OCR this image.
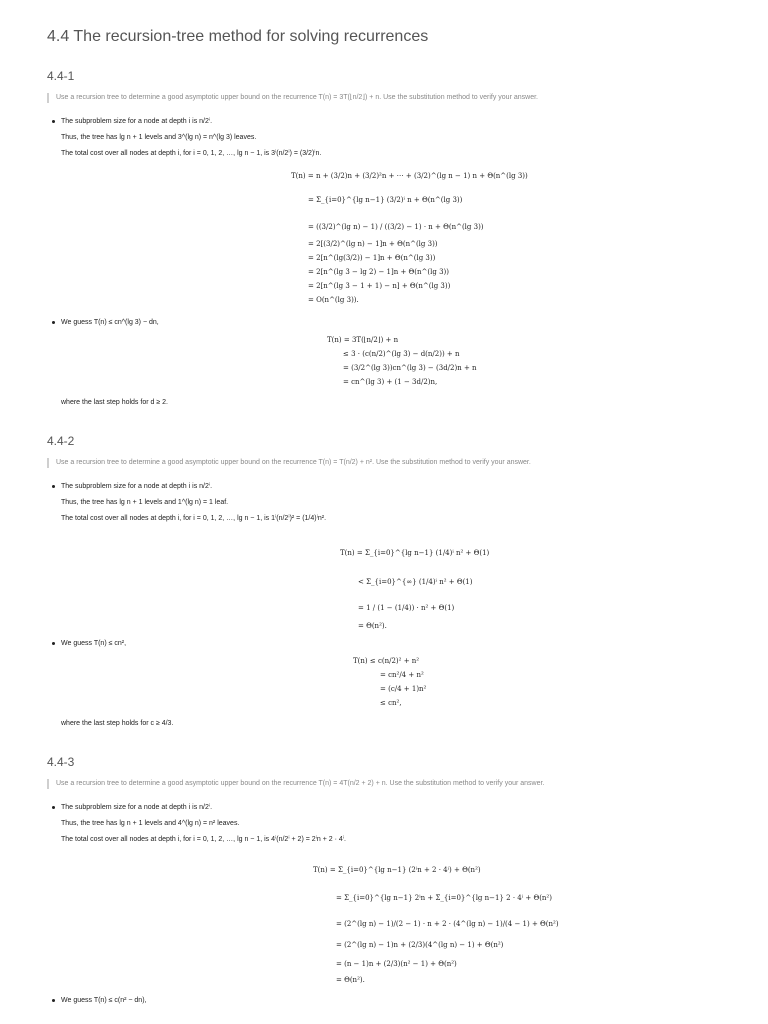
4.4 The recursion-tree method for solving recurrences
4.4-1
Use a recursion tree to determine a good asymptotic upper bound on the recurrence T(n) = 3T(⌊n/2⌋) + n. Use the substitution method to verify your answer.
The subproblem size for a node at depth i is n/2ⁱ.
Thus, the tree has lg n + 1 levels and 3^(lg n) = n^(lg 3) leaves.
The total cost over all nodes at depth i, for i = 0, 1, 2, …, lg n − 1, is 3ⁱ(n/2ⁱ) = (3/2)ⁱn.
T(n) = n + (3/2)n + (3/2)²n + ⋯ + (3/2)^(lg n − 1) n + Θ(n^(lg 3))
= Σ_{i=0}^{lg n−1} (3/2)ⁱ n + Θ(n^(lg 3))
= ((3/2)^(lg n) − 1) / ((3/2) − 1) · n + Θ(n^(lg 3))
= 2[(3/2)^(lg n) − 1]n + Θ(n^(lg 3))
= 2[n^(lg(3/2)) − 1]n + Θ(n^(lg 3))
= 2[n^(lg 3 − lg 2) − 1]n + Θ(n^(lg 3))
= 2[n^(lg 3 − 1 + 1) − n] + Θ(n^(lg 3))
= O(n^(lg 3)).
We guess T(n) ≤ cn^(lg 3) − dn,
T(n) = 3T(⌊n/2⌋) + n
≤ 3 · (c(n/2)^(lg 3) − d(n/2)) + n
= (3/2^(lg 3))cn^(lg 3) − (3d/2)n + n
= cn^(lg 3) + (1 − 3d/2)n,
where the last step holds for d ≥ 2.
4.4-2
Use a recursion tree to determine a good asymptotic upper bound on the recurrence T(n) = T(n/2) + n². Use the substitution method to verify your answer.
The subproblem size for a node at depth i is n/2ⁱ.
Thus, the tree has lg n + 1 levels and 1^(lg n) = 1 leaf.
The total cost over all nodes at depth i, for i = 0, 1, 2, …, lg n − 1, is 1ⁱ(n/2ⁱ)² = (1/4)ⁱn².
T(n) = Σ_{i=0}^{lg n−1} (1/4)ⁱ n² + Θ(1)
< Σ_{i=0}^{∞} (1/4)ⁱ n² + Θ(1)
= 1 / (1 − (1/4)) · n² + Θ(1)
= Θ(n²).
We guess T(n) ≤ cn²,
T(n) ≤ c(n/2)² + n²
= cn²/4 + n²
= (c/4 + 1)n²
≤ cn²,
where the last step holds for c ≥ 4/3.
4.4-3
Use a recursion tree to determine a good asymptotic upper bound on the recurrence T(n) = 4T(n/2 + 2) + n. Use the substitution method to verify your answer.
The subproblem size for a node at depth i is n/2ⁱ.
Thus, the tree has lg n + 1 levels and 4^(lg n) = n² leaves.
The total cost over all nodes at depth i, for i = 0, 1, 2, …, lg n − 1, is 4ⁱ(n/2ⁱ + 2) = 2ⁱn + 2 · 4ⁱ.
T(n) = Σ_{i=0}^{lg n−1} (2ⁱn + 2 · 4ⁱ) + Θ(n²)
= Σ_{i=0}^{lg n−1} 2ⁱn + Σ_{i=0}^{lg n−1} 2 · 4ⁱ + Θ(n²)
= (2^(lg n) − 1)/(2 − 1) · n + 2 · (4^(lg n) − 1)/(4 − 1) + Θ(n²)
= (2^(lg n) − 1)n + (2/3)(4^(lg n) − 1) + Θ(n²)
= (n − 1)n + (2/3)(n² − 1) + Θ(n²)
= Θ(n²).
We guess T(n) ≤ c(n² − dn),
